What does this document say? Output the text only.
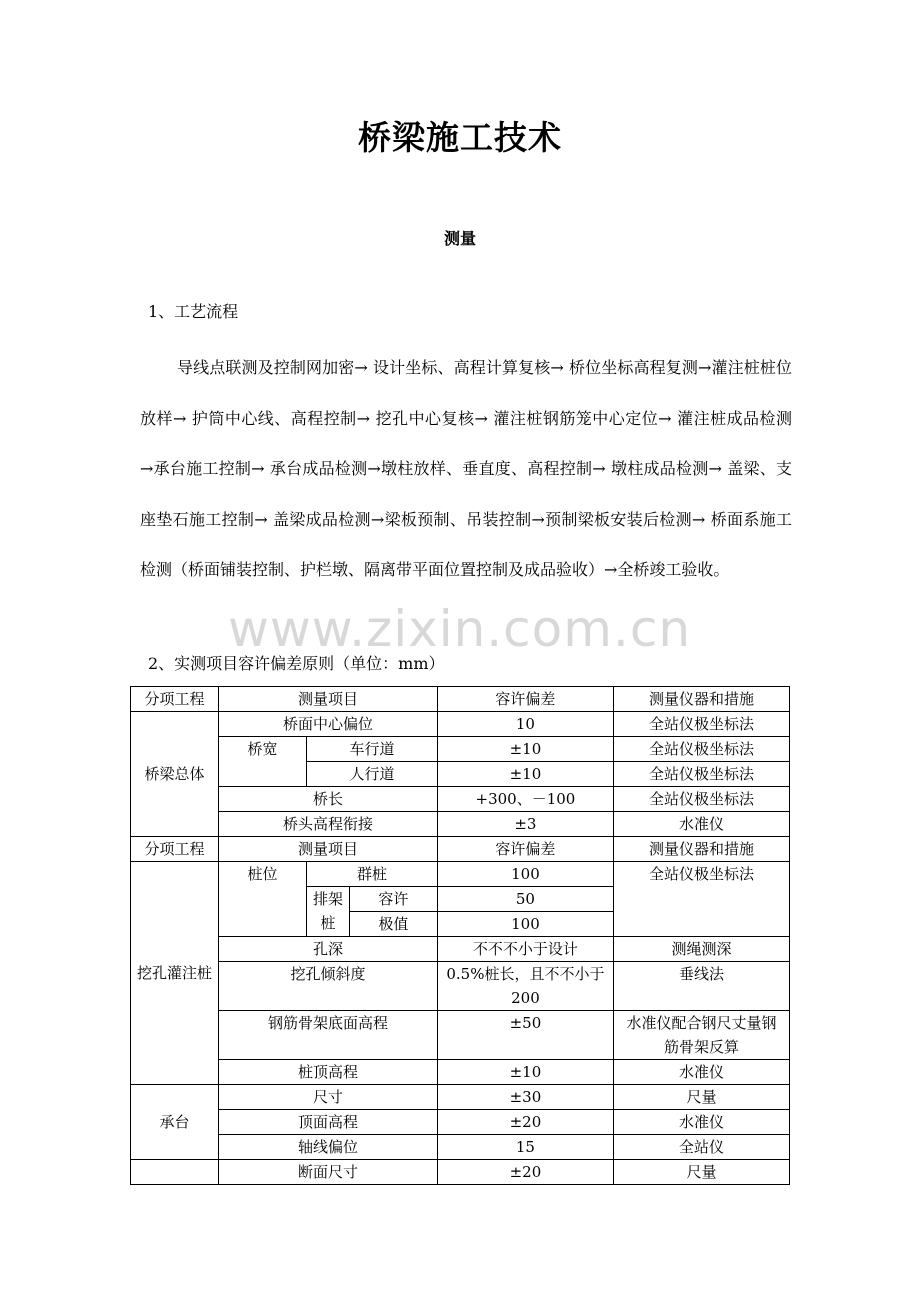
桥梁施工技术
测量
1、工艺流程

导线点联测及控制网加密→ 设计坐标、高程计算复核→ 桥位坐标高程复测→灌注桩桩位放样→ 护筒中心线、高程控制→ 挖孔中心复核→ 灌注桩钢筋笼中心定位→ 灌注桩成品检测 →承台施工控制→ 承台成品检测→墩柱放样、垂直度、高程控制→ 墩柱成品检测→ 盖梁、支座垫石施工控制→ 盖梁成品检测→梁板预制、吊装控制→预制梁板安装后检测→ 桥面系施工检测（桥面铺装控制、护栏墩、隔离带平面位置控制及成品验收）→全桥竣工验收。

www.zixin.com.cn
2、实测项目容许偏差原则（单位：mm）
分项工程	测量项目			容许偏差	测量仪器和措施
桥梁总体	桥面中心偏位			10	全站仪极坐标法
	桥宽	车行道		±10	全站仪极坐标法
		人行道		±10	全站仪极坐标法
	桥长			+300、－100	全站仪极坐标法
	桥头高程衔接			±3	水准仪
分项工程	测量项目			容许偏差	测量仪器和措施
挖孔灌注桩	桩位	群桩		100	全站仪极坐标法
		排架桩	容许	50	
			极值	100	
	孔深			不不不小于设计	测绳测深
	挖孔倾斜度			0.5%桩长，且不不小于200	垂线法
	钢筋骨架底面高程			±50	水准仪配合钢尺丈量钢筋骨架反算
	桩顶高程			±10	水准仪
承台	尺寸			±30	尺量
	顶面高程			±20	水准仪
	轴线偏位			15	全站仪
	断面尺寸			±20	尺量
